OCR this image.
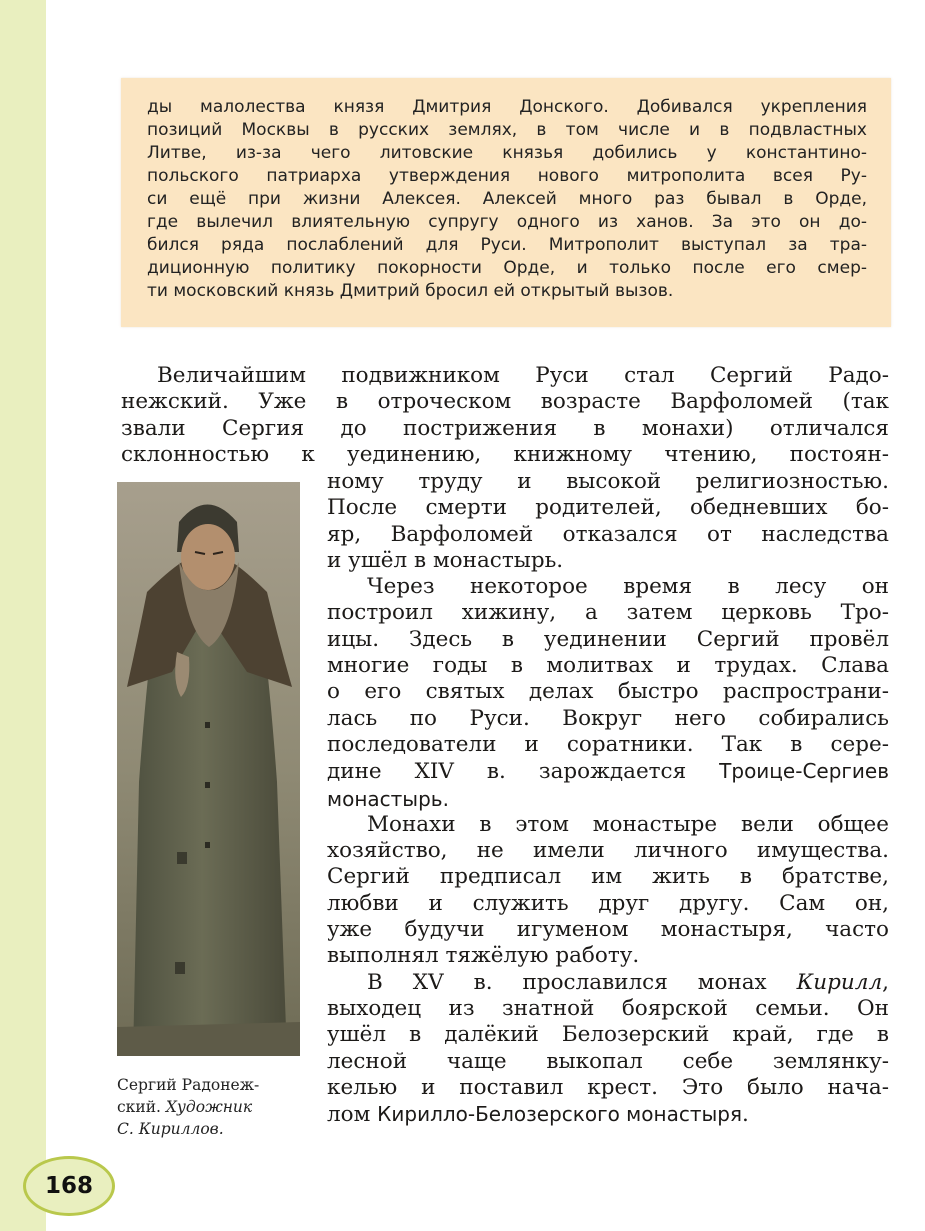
ды малолества князя Дмитрия Донского. Добивался укрепления
позиций Москвы в русских землях, в том числе и в подвластных
Литве, из-за чего литовские князья добились у константино-
польского патриарха утверждения нового митрополита всея Ру-
си ещё при жизни Алексея. Алексей много раз бывал в Орде,
где вылечил влиятельную супругу одного из ханов. За это он до-
бился ряда послаблений для Руси. Митрополит выступал за тра-
диционную политику покорности Орде, и только после его смер-
ти московский князь Дмитрий бросил ей открытый вызов.
Величайшим подвижником Руси стал Сергий Радо-
нежский. Уже в отроческом возрасте Варфоломей (так
звали Сергия до пострижения в монахи) отличался
склонностью к уединению, книжному чтению, постоян-
Сергий Радонеж-
ский. Художник
С. Кириллов.
ному труду и высокой религиозностью.
После смерти родителей, обедневших бо-
яр, Варфоломей отказался от наследства
и ушёл в монастырь.
Через некоторое время в лесу он
построил хижину, а затем церковь Тро-
ицы. Здесь в уединении Сергий провёл
многие годы в молитвах и трудах. Слава
о его святых делах быстро распространи-
лась по Руси. Вокруг него собирались
последователи и соратники. Так в сере-
дине XIV в. зарождается Троице-Сергиев
монастырь.
Монахи в этом монастыре вели общее
хозяйство, не имели личного имущества.
Сергий предписал им жить в братстве,
любви и служить друг другу. Сам он,
уже будучи игуменом монастыря, часто
выполнял тяжёлую работу.
В XV в. прославился монах Кирилл,
выходец из знатной боярской семьи. Он
ушёл в далёкий Белозерский край, где в
лесной чаще выкопал себе землянку-
келью и поставил крест. Это было нача-
лом Кирилло-Белозерского монастыря.
168
